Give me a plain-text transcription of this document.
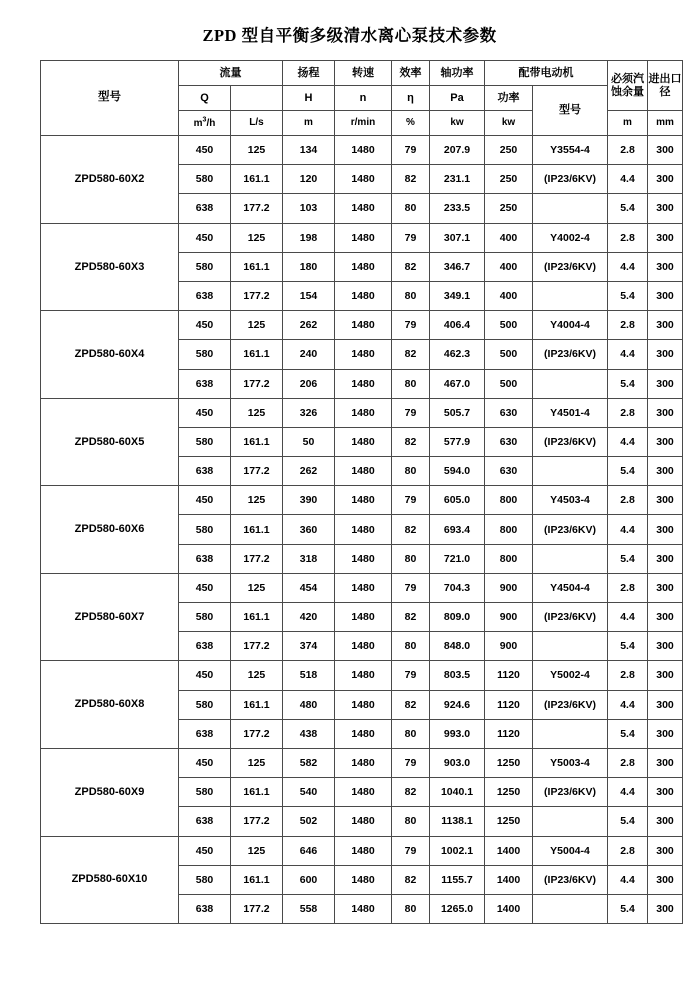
ZPD 型自平衡多级清水离心泵技术参数
型号	流量		扬程	转速	效率	轴功率	配带电动机		必须汽蚀余量	进出口径
	Q		H	n	η	Pa	功率	型号		
	$m^3/h$	L/s	m	r/min	%	kw	kw		m	mm
ZPD580-60X2	450	125	134	1480	79	207.9	250	Y3554-4	2.8	300
	580	161.1	120	1480	82	231.1	250	(IP23/6KV)	4.4	300
	638	177.2	103	1480	80	233.5	250		5.4	300
ZPD580-60X3	450	125	198	1480	79	307.1	400	Y4002-4	2.8	300
	580	161.1	180	1480	82	346.7	400	(IP23/6KV)	4.4	300
	638	177.2	154	1480	80	349.1	400		5.4	300
ZPD580-60X4	450	125	262	1480	79	406.4	500	Y4004-4	2.8	300
	580	161.1	240	1480	82	462.3	500	(IP23/6KV)	4.4	300
	638	177.2	206	1480	80	467.0	500		5.4	300
ZPD580-60X5	450	125	326	1480	79	505.7	630	Y4501-4	2.8	300
	580	161.1	50	1480	82	577.9	630	(IP23/6KV)	4.4	300
	638	177.2	262	1480	80	594.0	630		5.4	300
ZPD580-60X6	450	125	390	1480	79	605.0	800	Y4503-4	2.8	300
	580	161.1	360	1480	82	693.4	800	(IP23/6KV)	4.4	300
	638	177.2	318	1480	80	721.0	800		5.4	300
ZPD580-60X7	450	125	454	1480	79	704.3	900	Y4504-4	2.8	300
	580	161.1	420	1480	82	809.0	900	(IP23/6KV)	4.4	300
	638	177.2	374	1480	80	848.0	900		5.4	300
ZPD580-60X8	450	125	518	1480	79	803.5	1120	Y5002-4	2.8	300
	580	161.1	480	1480	82	924.6	1120	(IP23/6KV)	4.4	300
	638	177.2	438	1480	80	993.0	1120		5.4	300
ZPD580-60X9	450	125	582	1480	79	903.0	1250	Y5003-4	2.8	300
	580	161.1	540	1480	82	1040.1	1250	(IP23/6KV)	4.4	300
	638	177.2	502	1480	80	1138.1	1250		5.4	300
ZPD580-60X10	450	125	646	1480	79	1002.1	1400	Y5004-4	2.8	300
	580	161.1	600	1480	82	1155.7	1400	(IP23/6KV)	4.4	300
	638	177.2	558	1480	80	1265.0	1400		5.4	300
